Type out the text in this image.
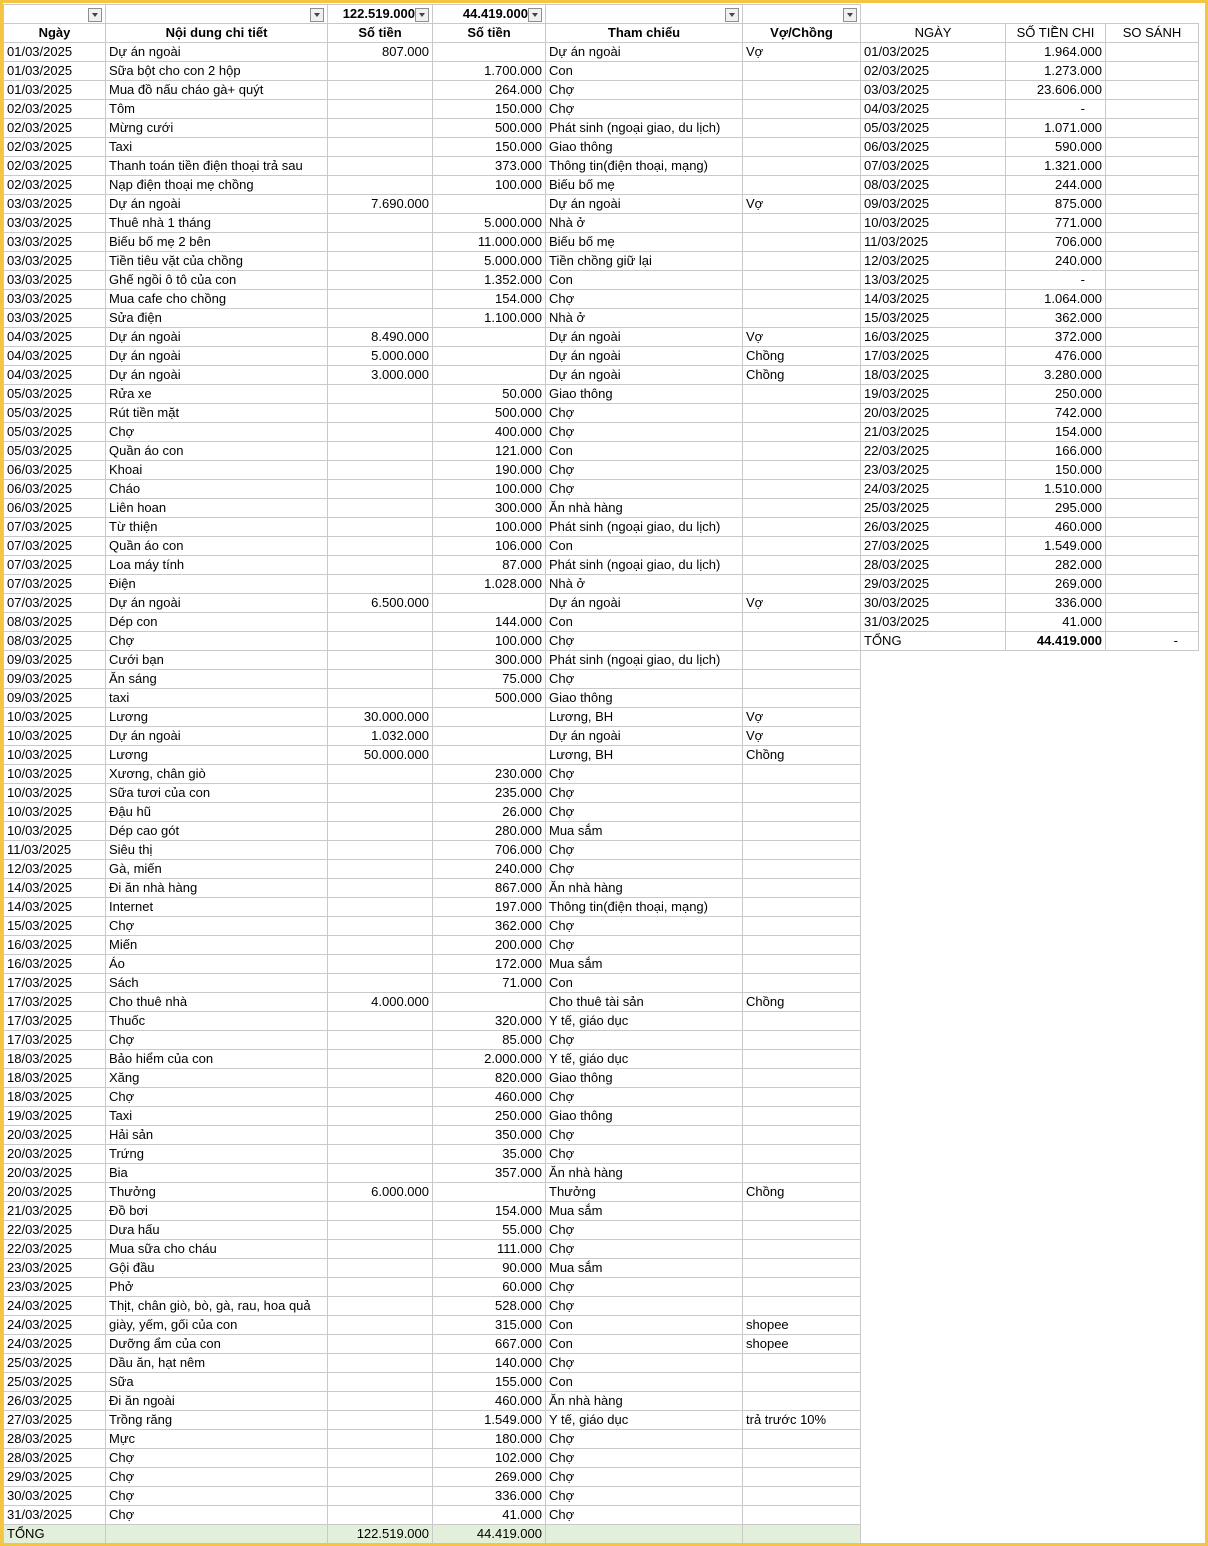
		122.519.000	44.419.000					

Ngày	Nội dung chi tiết	Số tiền	Số tiền	Tham chiếu	Vợ/Chồng	NGÀY	SỐ TIỀN CHI	SO SÁNH
01/03/2025	Dự án ngoài	807.000		Dự án ngoài	Vợ	01/03/2025	1.964.000	
01/03/2025	Sữa bột cho con 2 hộp		1.700.000	Con		02/03/2025	1.273.000	
01/03/2025	Mua đồ nấu cháo gà+ quýt		264.000	Chợ		03/03/2025	23.606.000	
02/03/2025	Tôm		150.000	Chợ		04/03/2025	-	
02/03/2025	Mừng cưới		500.000	Phát sinh (ngoại giao, du lịch)		05/03/2025	1.071.000	
02/03/2025	Taxi		150.000	Giao thông		06/03/2025	590.000	
02/03/2025	Thanh toán tiền điện thoại trả sau		373.000	Thông tin(điện thoại, mạng)		07/03/2025	1.321.000	
02/03/2025	Nạp điện thoại mẹ chồng		100.000	Biếu bố mẹ		08/03/2025	244.000	
03/03/2025	Dự án ngoài	7.690.000		Dự án ngoài	Vợ	09/03/2025	875.000	
03/03/2025	Thuê nhà 1 tháng		5.000.000	Nhà ở		10/03/2025	771.000	
03/03/2025	Biếu bố mẹ 2 bên		11.000.000	Biếu bố mẹ		11/03/2025	706.000	
03/03/2025	Tiền tiêu vặt của chồng		5.000.000	Tiền chồng giữ lại		12/03/2025	240.000	
03/03/2025	Ghế ngồi ô tô của con		1.352.000	Con		13/03/2025	-	
03/03/2025	Mua cafe cho chồng		154.000	Chợ		14/03/2025	1.064.000	
03/03/2025	Sửa điện		1.100.000	Nhà ở		15/03/2025	362.000	
04/03/2025	Dự án ngoài	8.490.000		Dự án ngoài	Vợ	16/03/2025	372.000	
04/03/2025	Dự án ngoài	5.000.000		Dự án ngoài	Chồng	17/03/2025	476.000	
04/03/2025	Dự án ngoài	3.000.000		Dự án ngoài	Chồng	18/03/2025	3.280.000	
05/03/2025	Rửa xe		50.000	Giao thông		19/03/2025	250.000	
05/03/2025	Rút tiền mặt		500.000	Chợ		20/03/2025	742.000	
05/03/2025	Chợ		400.000	Chợ		21/03/2025	154.000	
05/03/2025	Quần áo con		121.000	Con		22/03/2025	166.000	
06/03/2025	Khoai		190.000	Chợ		23/03/2025	150.000	
06/03/2025	Cháo		100.000	Chợ		24/03/2025	1.510.000	
06/03/2025	Liên hoan		300.000	Ăn nhà hàng		25/03/2025	295.000	
07/03/2025	Từ thiện		100.000	Phát sinh (ngoại giao, du lịch)		26/03/2025	460.000	
07/03/2025	Quần áo con		106.000	Con		27/03/2025	1.549.000	
07/03/2025	Loa máy tính		87.000	Phát sinh (ngoại giao, du lịch)		28/03/2025	282.000	
07/03/2025	Điện		1.028.000	Nhà ở		29/03/2025	269.000	
07/03/2025	Dự án ngoài	6.500.000		Dự án ngoài	Vợ	30/03/2025	336.000	
08/03/2025	Dép con		144.000	Con		31/03/2025	41.000	
08/03/2025	Chợ		100.000	Chợ		TỔNG	44.419.000	-
09/03/2025	Cưới bạn		300.000	Phát sinh (ngoại giao, du lịch)				
09/03/2025	Ăn sáng		75.000	Chợ				
09/03/2025	taxi		500.000	Giao thông				
10/03/2025	Lương	30.000.000		Lương, BH	Vợ			
10/03/2025	Dự án ngoài	1.032.000		Dự án ngoài	Vợ			
10/03/2025	Lương	50.000.000		Lương, BH	Chồng			
10/03/2025	Xương, chân giò		230.000	Chợ				
10/03/2025	Sữa tươi của con		235.000	Chợ				
10/03/2025	Đậu hũ		26.000	Chợ				
10/03/2025	Dép cao gót		280.000	Mua sắm				
11/03/2025	Siêu thị		706.000	Chợ				
12/03/2025	Gà, miến		240.000	Chợ				
14/03/2025	Đi ăn nhà hàng		867.000	Ăn nhà hàng				
14/03/2025	Internet		197.000	Thông tin(điện thoại, mạng)				
15/03/2025	Chợ		362.000	Chợ				
16/03/2025	Miến		200.000	Chợ				
16/03/2025	Áo		172.000	Mua sắm				
17/03/2025	Sách		71.000	Con				
17/03/2025	Cho thuê nhà	4.000.000		Cho thuê tài sản	Chồng			
17/03/2025	Thuốc		320.000	Y tế, giáo dục				
17/03/2025	Chợ		85.000	Chợ				
18/03/2025	Bảo hiểm của con		2.000.000	Y tế, giáo dục				
18/03/2025	Xăng		820.000	Giao thông				
18/03/2025	Chợ		460.000	Chợ				
19/03/2025	Taxi		250.000	Giao thông				
20/03/2025	Hải sản		350.000	Chợ				
20/03/2025	Trứng		35.000	Chợ				
20/03/2025	Bia		357.000	Ăn nhà hàng				
20/03/2025	Thưởng	6.000.000		Thưởng	Chồng			
21/03/2025	Đồ bơi		154.000	Mua sắm				
22/03/2025	Dưa hấu		55.000	Chợ				
22/03/2025	Mua sữa cho cháu		111.000	Chợ				
23/03/2025	Gội đầu		90.000	Mua sắm				
23/03/2025	Phở		60.000	Chợ				
24/03/2025	Thịt, chân giò, bò, gà, rau, hoa quả		528.000	Chợ				
24/03/2025	giày, yếm, gối của con		315.000	Con	shopee			
24/03/2025	Dưỡng ẩm của con		667.000	Con	shopee			
25/03/2025	Dầu ăn, hạt nêm		140.000	Chợ				
25/03/2025	Sữa		155.000	Con				
26/03/2025	Đi ăn ngoài		460.000	Ăn nhà hàng				
27/03/2025	Trồng răng		1.549.000	Y tế, giáo dục	trả trước 10%			
28/03/2025	Mực		180.000	Chợ				
28/03/2025	Chợ		102.000	Chợ				
29/03/2025	Chợ		269.000	Chợ				
30/03/2025	Chợ		336.000	Chợ				
31/03/2025	Chợ		41.000	Chợ				
TỔNG		122.519.000	44.419.000					
